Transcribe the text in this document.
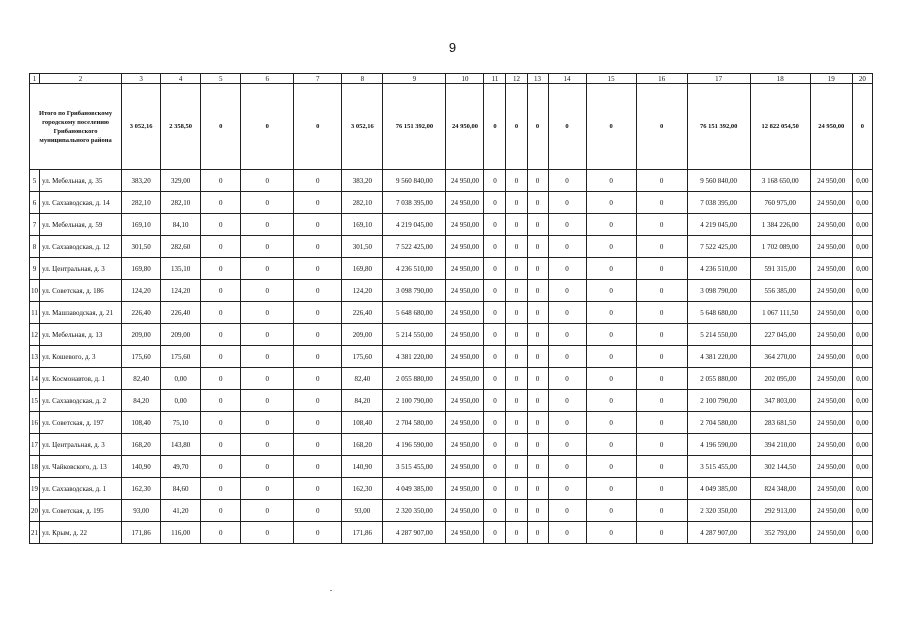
9
1	2	3	4	5	6	7	8	9	10	11	12	13	14	15	16	17	18	19	20
Итого по Грибановскому городскому поселению Грибановского муниципального района		3 052,16	2 358,50	0	0	0	3 052,16	76 151 392,00	24 950,00	0	0	0	0	0	0	76 151 392,00	12 822 054,50	24 950,00	0
5	ул. Мебельная, д. 35	383,20	329,00	0	0	0	383,20	9 560 840,00	24 950,00	0	0	0	0	0	0	9 560 840,00	3 168 650,00	24 950,00	0,00
6	ул. Сахзаводская, д. 14	282,10	282,10	0	0	0	282,10	7 038 395,00	24 950,00	0	0	0	0	0	0	7 038 395,00	760 975,00	24 950,00	0,00
7	ул. Мебельная, д. 59	169,10	84,10	0	0	0	169,10	4 219 045,00	24 950,00	0	0	0	0	0	0	4 219 045,00	1 384 226,00	24 950,00	0,00
8	ул. Сахзаводская, д. 12	301,50	282,60	0	0	0	301,50	7 522 425,00	24 950,00	0	0	0	0	0	0	7 522 425,00	1 702 089,00	24 950,00	0,00
9	ул. Центральная, д. 3	169,80	135,10	0	0	0	169,80	4 236 510,00	24 950,00	0	0	0	0	0	0	4 236 510,00	591 315,00	24 950,00	0,00
10	ул. Советская, д. 186	124,20	124,20	0	0	0	124,20	3 098 790,00	24 950,00	0	0	0	0	0	0	3 098 790,00	556 385,00	24 950,00	0,00
11	ул. Машзаводская, д. 21	226,40	226,40	0	0	0	226,40	5 648 680,00	24 950,00	0	0	0	0	0	0	5 648 680,00	1 067 111,50	24 950,00	0,00
12	ул. Мебельная, д. 13	209,00	209,00	0	0	0	209,00	5 214 550,00	24 950,00	0	0	0	0	0	0	5 214 550,00	227 045,00	24 950,00	0,00
13	ул. Кошевого, д. 3	175,60	175,60	0	0	0	175,60	4 381 220,00	24 950,00	0	0	0	0	0	0	4 381 220,00	364 270,00	24 950,00	0,00
14	ул. Космонавтов, д. 1	82,40	0,00	0	0	0	82,40	2 055 880,00	24 950,00	0	0	0	0	0	0	2 055 880,00	202 095,00	24 950,00	0,00
15	ул. Сахзаводская, д. 2	84,20	0,00	0	0	0	84,20	2 100 790,00	24 950,00	0	0	0	0	0	0	2 100 790,00	347 803,00	24 950,00	0,00
16	ул. Советская, д. 197	108,40	75,10	0	0	0	108,40	2 704 580,00	24 950,00	0	0	0	0	0	0	2 704 580,00	283 681,50	24 950,00	0,00
17	ул. Центральная, д. 3	168,20	143,80	0	0	0	168,20	4 196 590,00	24 950,00	0	0	0	0	0	0	4 196 590,00	394 210,00	24 950,00	0,00
18	ул. Чайковского, д. 13	140,90	49,70	0	0	0	140,90	3 515 455,00	24 950,00	0	0	0	0	0	0	3 515 455,00	302 144,50	24 950,00	0,00
19	ул. Сахзаводская, д. 1	162,30	84,60	0	0	0	162,30	4 049 385,00	24 950,00	0	0	0	0	0	0	4 049 385,00	824 348,00	24 950,00	0,00
20	ул. Советская, д. 195	93,00	41,20	0	0	0	93,00	2 320 350,00	24 950,00	0	0	0	0	0	0	2 320 350,00	292 913,00	24 950,00	0,00
21	ул. Крым, д. 22	171,86	116,00	0	0	0	171,86	4 287 907,00	24 950,00	0	0	0	0	0	0	4 287 907,00	352 793,00	24 950,00	0,00
